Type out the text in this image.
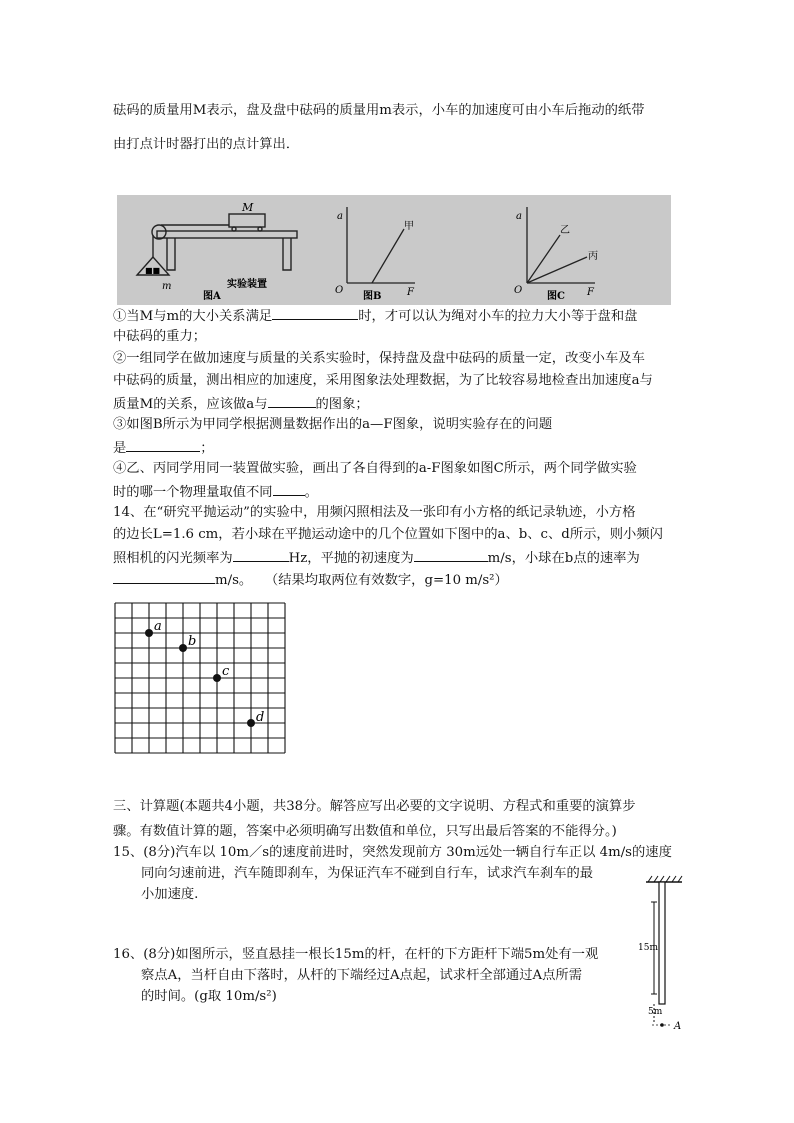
砝码的质量用M表示，盘及盘中砝码的质量用m表示，小车的加速度可由小车后拖动的纸带
由打点计时器打出的点计算出．
M
m
■■
实验装置
图A
a
O	F
甲
图B
a
O	F
乙
丙
图C
①当M与m的大小关系满足	时，才可以认为绳对小车的拉力大小等于盘和盘
中砝码的重力；
②一组同学在做加速度与质量的关系实验时，保持盘及盘中砝码的质量一定，改变小车及车
中砝码的质量，测出相应的加速度，采用图象法处理数据，为了比较容易地检查出加速度a与
质量M的关系，应该做a与	的图象；
③如图B所示为甲同学根据测量数据作出的a—F图象，说明实验存在的问题
是	；
④乙、丙同学用同一装置做实验，画出了各自得到的a-F图象如图C所示，两个同学做实验
时的哪一个物理量取值不同 。
14、在“研究平抛运动”的实验中，用频闪照相法及一张印有小方格的纸记录轨迹，小方格
的边长L=1.6 cm，若小球在平抛运动途中的几个位置如下图中的a、b、c、d所示，则小频闪
照相机的闪光频率为	Hz，平抛的初速度为	m/s，小球在b点的速率为
m/s。 （结果均取两位有效数字，g=10 m/s²）
a
b
c
d
三、计算题(本题共4小题，共38分。解答应写出必要的文字说明、方程式和重要的演算步
骤。有数值计算的题，答案中必须明确写出数值和单位，只写出最后答案的不能得分。)
15、(8分)汽车以 10m／s的速度前进时，突然发现前方 30m远处一辆自行车正以 4m/s的速度
同向匀速前进，汽车随即刹车，为保证汽车不碰到自行车，试求汽车刹车的最
小加速度.
16、(8分)如图所示，竖直悬挂一根长15m的杆，在杆的下方距杆下端5m处有一观
察点A，当杆自由下落时，从杆的下端经过A点起，试求杆全部通过A点所需
的时间。(g取 10m/s²)
15m
5m
A
